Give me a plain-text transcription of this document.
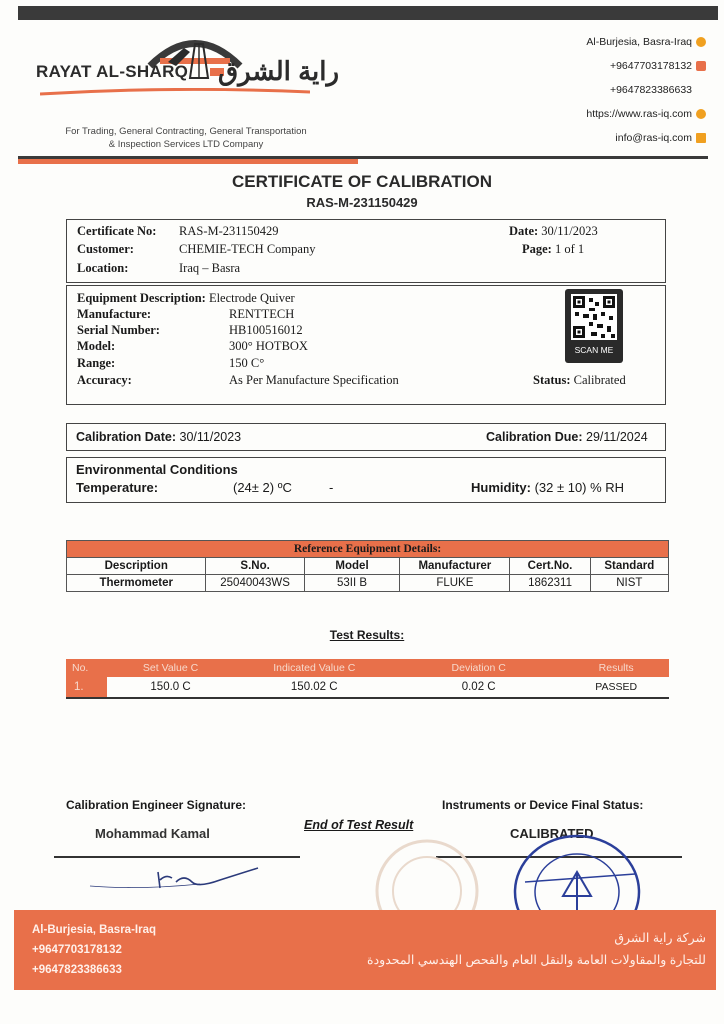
RAYAT AL-SHARQ راية الشرق
For Trading, General Contracting, General Transportation
& Inspection Services LTD Company
Al-Burjesia, Basra-Iraq
+9647703178132
+9647823386633
https://www.ras-iq.com
info@ras-iq.com
CERTIFICATE OF CALIBRATION
RAS-M-231150429
Certificate No: RAS-M-231150429
Customer:	CHEMIE-TECH Company
Location:	Iraq – Basra
Date: 30/11/2023
Page: 1 of 1
Equipment Description: Electrode Quiver
Manufacture:	RENTTECH
Serial Number:	HB100516012
Model:	300° HOTBOX
Range:	150 C°
Accuracy:	As Per Manufacture Specification	Status: Calibrated
SCAN ME
Calibration Date: 30/11/2023	Calibration Due: 29/11/2024
Environmental Conditions
Temperature:	(24± 2) ºC	-	Humidity: (32 ± 10) % RH
Reference Equipment Details:					
Description	S.No.	Model	Manufacturer	Cert.No.	Standard
Thermometer	25040043WS	53II B	FLUKE	1862311	NIST
Test Results:
No.	Set Value C	Indicated Value C	Deviation C	Results
1.	150.0 C	150.02 C	0.02 C	PASSED
Calibration Engineer Signature:	Instruments or Device Final Status:
Mohammad Kamal
End of Test Result
CALIBRATED
Al-Burjesia, Basra-Iraq
+9647703178132
+9647823386633
شركة راية الشرق
للتجارة والمقاولات العامة والنقل العام والفحص الهندسي المحدودة
